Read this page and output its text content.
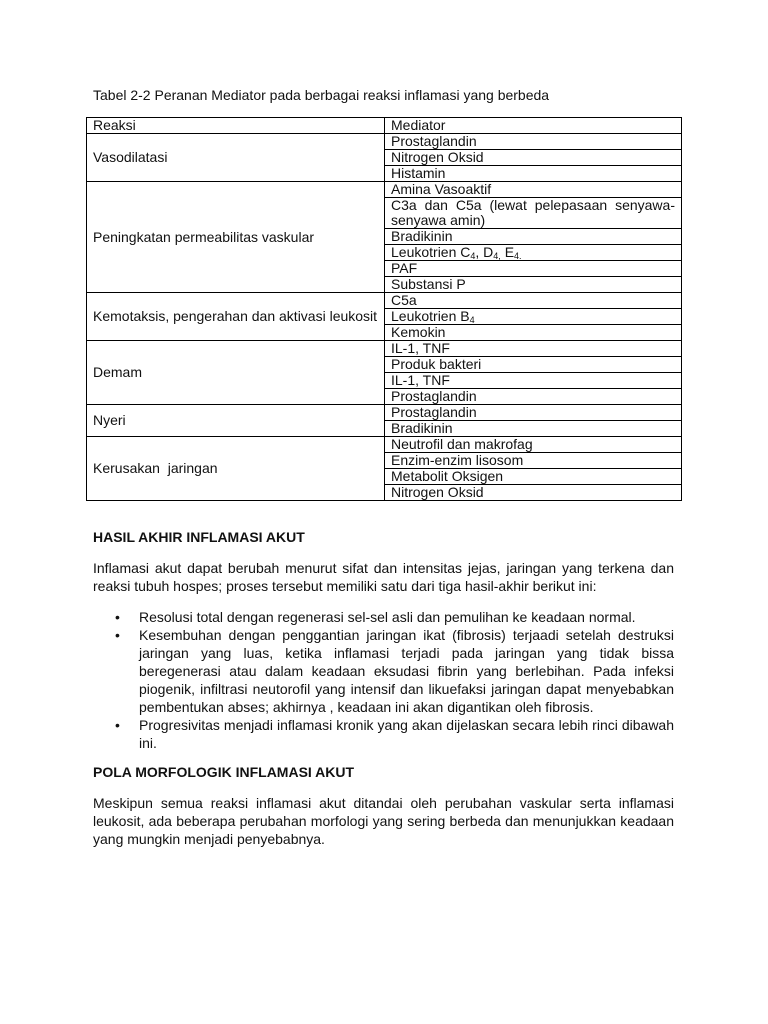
Tabel 2-2 Peranan Mediator pada berbagai reaksi inflamasi yang berbeda
Reaksi	Mediator
Vasodilatasi	Prostaglandin
	Nitrogen Oksid
	Histamin
Peningkatan permeabilitas vaskular	Amina Vasoaktif
	C3a dan C5a (lewat pelepasaan senyawa-senyawa amin)
	Bradikinin
	Leukotrien $C_4$, $D_{4,}$ $E_{4.}$
	PAF
	Substansi P
Kemotaksis, pengerahan dan aktivasi leukosit	C5a
	Leukotrien $B_4$
	Kemokin
Demam	IL-1, TNF
	Produk bakteri
	IL-1, TNF
	Prostaglandin
Nyeri	Prostaglandin
	Bradikinin
Kerusakan  jaringan	Neutrofil dan makrofag
	Enzim-enzim lisosom
	Metabolit Oksigen
	Nitrogen Oksid
HASIL AKHIR INFLAMASI AKUT

Inflamasi akut dapat berubah menurut sifat dan intensitas jejas, jaringan yang terkena dan reaksi tubuh hospes; proses tersebut memiliki satu dari tiga hasil-akhir berikut ini:

• Resolusi total dengan regenerasi sel-sel asli dan pemulihan ke keadaan normal.
• Kesembuhan dengan penggantian jaringan ikat (fibrosis) terjaadi setelah destruksi jaringan yang luas, ketika inflamasi terjadi pada jaringan yang tidak bissa beregenerasi atau dalam keadaan eksudasi fibrin yang berlebihan. Pada infeksi piogenik, infiltrasi neutorofil yang intensif dan likuefaksi jaringan dapat menyebabkan pembentukan abses; akhirnya , keadaan ini akan digantikan oleh fibrosis.
• Progresivitas menjadi inflamasi kronik yang akan dijelaskan secara lebih rinci dibawah ini.
POLA MORFOLOGIK INFLAMASI AKUT

Meskipun semua reaksi inflamasi akut ditandai oleh perubahan vaskular serta inflamasi leukosit, ada beberapa perubahan morfologi yang sering berbeda dan menunjukkan keadaan yang mungkin menjadi penyebabnya.
